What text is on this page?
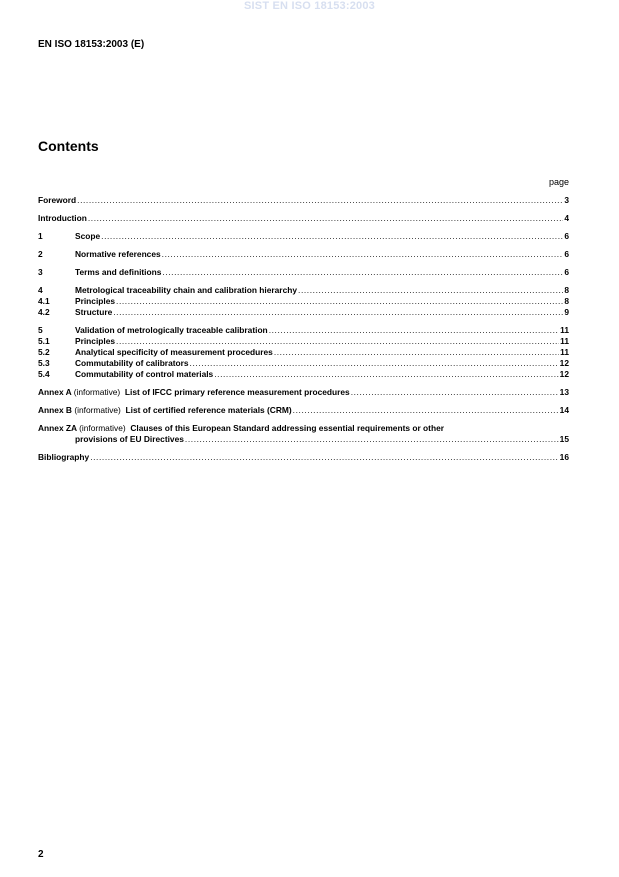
SIST EN ISO 18153:2003
EN ISO 18153:2003 (E)
Contents
page
Foreword .....	3
Introduction .....	4
1	Scope .....	6
2	Normative references .....	6
3	Terms and definitions .....	6
4	Metrological traceability chain and calibration hierarchy .....	8
4.1	Principles .....	8
4.2	Structure .....	9
5	Validation of metrologically traceable calibration .....	11
5.1	Principles .....	11
5.2	Analytical specificity of measurement procedures .....	11
5.3	Commutability of calibrators .....	12
5.4	Commutability of control materials .....	12
Annex A (informative) List of IFCC primary reference measurement procedures .....	13
Annex B (informative) List of certified reference materials (CRM) .....	14
Annex ZA (informative) Clauses of this European Standard addressing essential requirements or other
provisions of EU Directives .....	15
Bibliography .....	16
2
